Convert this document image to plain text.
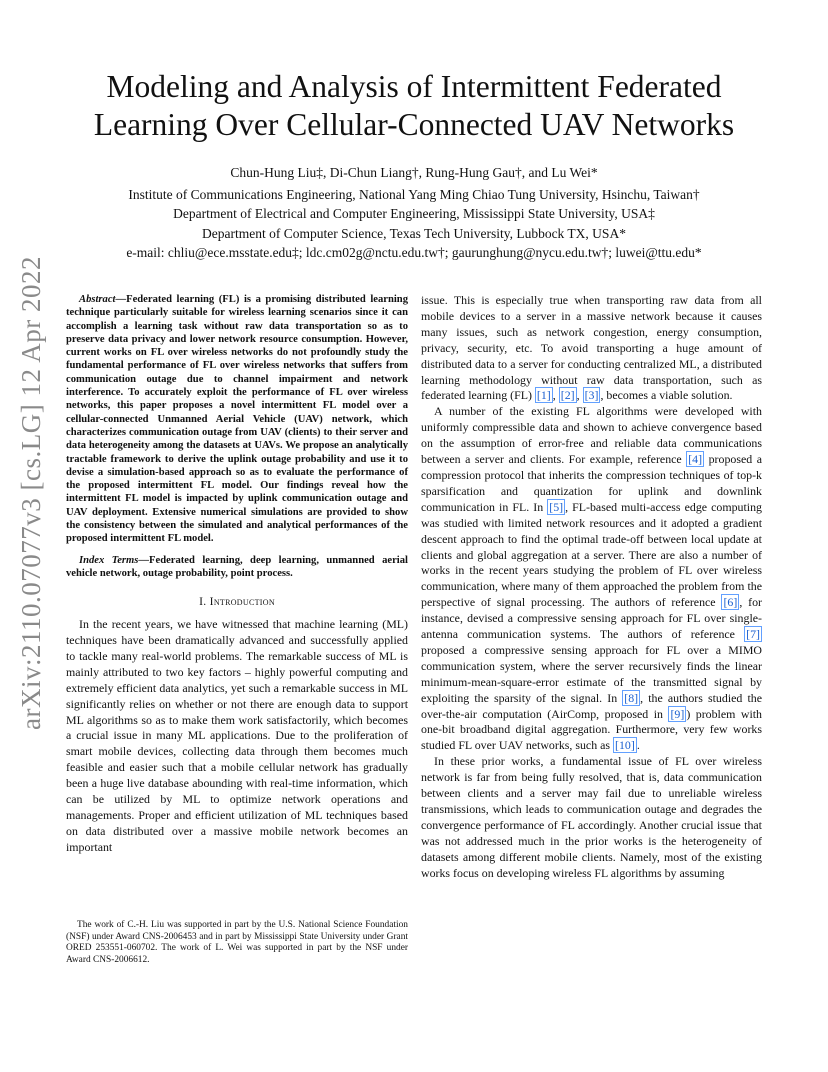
arXiv:2110.07077v3 [cs.LG] 12 Apr 2022
Modeling and Analysis of Intermittent Federated
Learning Over Cellular-Connected UAV Networks
Chun-Hung Liu‡, Di-Chun Liang†, Rung-Hung Gau†, and Lu Wei*
Institute of Communications Engineering, National Yang Ming Chiao Tung University, Hsinchu, Taiwan†
Department of Electrical and Computer Engineering, Mississippi State University, USA‡
Department of Computer Science, Texas Tech University, Lubbock TX, USA*
e-mail: chliu@ece.msstate.edu‡; ldc.cm02g@nctu.edu.tw†; gaurunghung@nycu.edu.tw†; luwei@ttu.edu*
Abstract—Federated learning (FL) is a promising distributed learning technique particularly suitable for wireless learning scenarios since it can accomplish a learning task without raw data transportation so as to preserve data privacy and lower network resource consumption. However, current works on FL over wireless networks do not profoundly study the fundamental performance of FL over wireless networks that suffers from communication outage due to channel impairment and network interference. To accurately exploit the performance of FL over wireless networks, this paper proposes a novel intermittent FL model over a cellular-connected Unmanned Aerial Vehicle (UAV) network, which characterizes communication outage from UAV (clients) to their server and data heterogeneity among the datasets at UAVs. We propose an analytically tractable framework to derive the uplink outage probability and use it to devise a simulation-based approach so as to evaluate the performance of the proposed intermittent FL model. Our findings reveal how the intermittent FL model is impacted by uplink communication outage and UAV deployment. Extensive numerical simulations are provided to show the consistency between the simulated and analytical performances of the proposed intermittent FL model.
Index Terms—Federated learning, deep learning, unmanned aerial vehicle network, outage probability, point process.
I. Introduction

In the recent years, we have witnessed that machine learning (ML) techniques have been dramatically advanced and successfully applied to tackle many real-world problems. The remarkable success of ML is mainly attributed to two key factors – highly powerful computing and extremely efficient data analytics, yet such a remarkable success in ML significantly relies on whether or not there are enough data to support ML algorithms so as to make them work satisfactorily, which becomes a crucial issue in many ML applications. Due to the proliferation of smart mobile devices, collecting data through them becomes much feasible and easier such that a mobile cellular network has gradually been a huge live database abounding with real-time information, which can be utilized by ML to optimize network operations and managements. Proper and efficient utilization of ML techniques based on data distributed over a massive mobile network becomes an important

The work of C.-H. Liu was supported in part by the U.S. National Science Foundation (NSF) under Award CNS-2006453 and in part by Mississippi State University under Grant ORED 253551-060702. The work of L. Wei was supported in part by the NSF under Award CNS-2006612.

issue. This is especially true when transporting raw data from all mobile devices to a server in a massive network because it causes many issues, such as network congestion, energy consumption, privacy, security, etc. To avoid transporting a huge amount of distributed data to a server for conducting centralized ML, a distributed learning methodology without raw data transportation, such as federated learning (FL) [1] , [2] , [3] , becomes a viable solution.

A number of the existing FL algorithms were developed with uniformly compressible data and shown to achieve convergence based on the assumption of error-free and reliable data communications between a server and clients. For example, reference [4] proposed a compression protocol that inherits the compression techniques of top-k sparsification and quantization for uplink and downlink communication in FL. In [5] , FL-based multi-access edge computing was studied with limited network resources and it adopted a gradient descent approach to find the optimal trade-off between local update at clients and global aggregation at a server. There are also a number of works in the recent years studying the problem of FL over wireless communication, where many of them approached the problem from the perspective of signal processing. The authors of reference [6] , for instance, devised a compressive sensing approach for FL over single-antenna communication systems. The authors of reference [7] proposed a compressive sensing approach for FL over a MIMO communication system, where the server recursively finds the linear minimum-mean-square-error estimate of the transmitted signal by exploiting the sparsity of the signal. In [8] , the authors studied the over-the-air computation (AirComp, proposed in [9] ) problem with one-bit broadband digital aggregation. Furthermore, very few works studied FL over UAV networks, such as [10] .

In these prior works, a fundamental issue of FL over wireless network is far from being fully resolved, that is, data communication between clients and a server may fail due to unreliable wireless transmissions, which leads to communication outage and degrades the convergence performance of FL accordingly. Another crucial issue that was not addressed much in the prior works is the heterogeneity of datasets among different mobile clients. Namely, most of the existing works focus on developing wireless FL algorithms by assuming
